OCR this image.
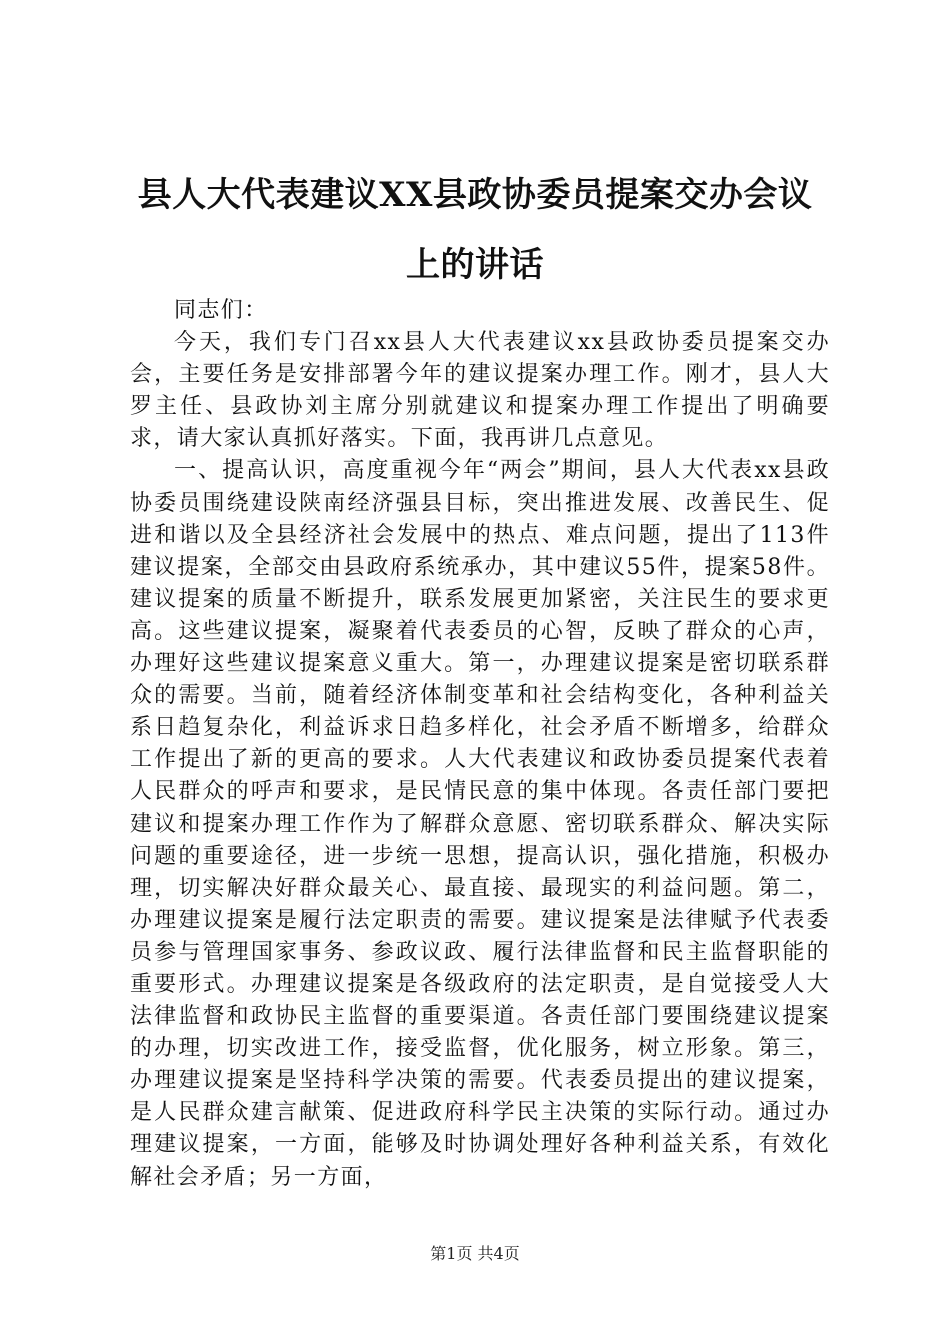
县人大代表建议XX县政协委员提案交办会议
上的讲话

同志们：

今天，我们专门召xx县人大代表建议xx县政协委员提案交办会，主要任务是安排部署今年的建议提案办理工作。刚才，县人大罗主任、县政协刘主席分别就建议和提案办理工作提出了明确要求，请大家认真抓好落实。下面，我再讲几点意见。

一、提高认识，高度重视今年“两会”期间，县人大代表xx县政协委员围绕建设陕南经济强县目标，突出推进发展、改善民生、促进和谐以及全县经济社会发展中的热点、难点问题，提出了113件建议提案，全部交由县政府系统承办，其中建议55件，提案58件。建议提案的质量不断提升，联系发展更加紧密，关注民生的要求更高。这些建议提案，凝聚着代表委员的心智，反映了群众的心声，办理好这些建议提案意义重大。第一，办理建议提案是密切联系群众的需要。当前，随着经济体制变革和社会结构变化，各种利益关系日趋复杂化，利益诉求日趋多样化，社会矛盾不断增多，给群众工作提出了新的更高的要求。人大代表建议和政协委员提案代表着人民群众的呼声和要求，是民情民意的集中体现。各责任部门要把建议和提案办理工作作为了解群众意愿、密切联系群众、解决实际问题的重要途径，进一步统一思想，提高认识，强化措施，积极办理，切实解决好群众最关心、最直接、最现实的利益问题。第二，办理建议提案是履行法定职责的需要。建议提案是法律赋予代表委员参与管理国家事务、参政议政、履行法律监督和民主监督职能的重要形式。办理建议提案是各级政府的法定职责，是自觉接受人大法律监督和政协民主监督的重要渠道。各责任部门要围绕建议提案的办理，切实改进工作，接受监督，优化服务，树立形象。第三，办理建议提案是坚持科学决策的需要。代表委员提出的建议提案，是人民群众建言献策、促进政府科学民主决策的实际行动。通过办理建议提案，一方面，能够及时协调处理好各种利益关系，有效化解社会矛盾；另一方面，

第1页 共4页
